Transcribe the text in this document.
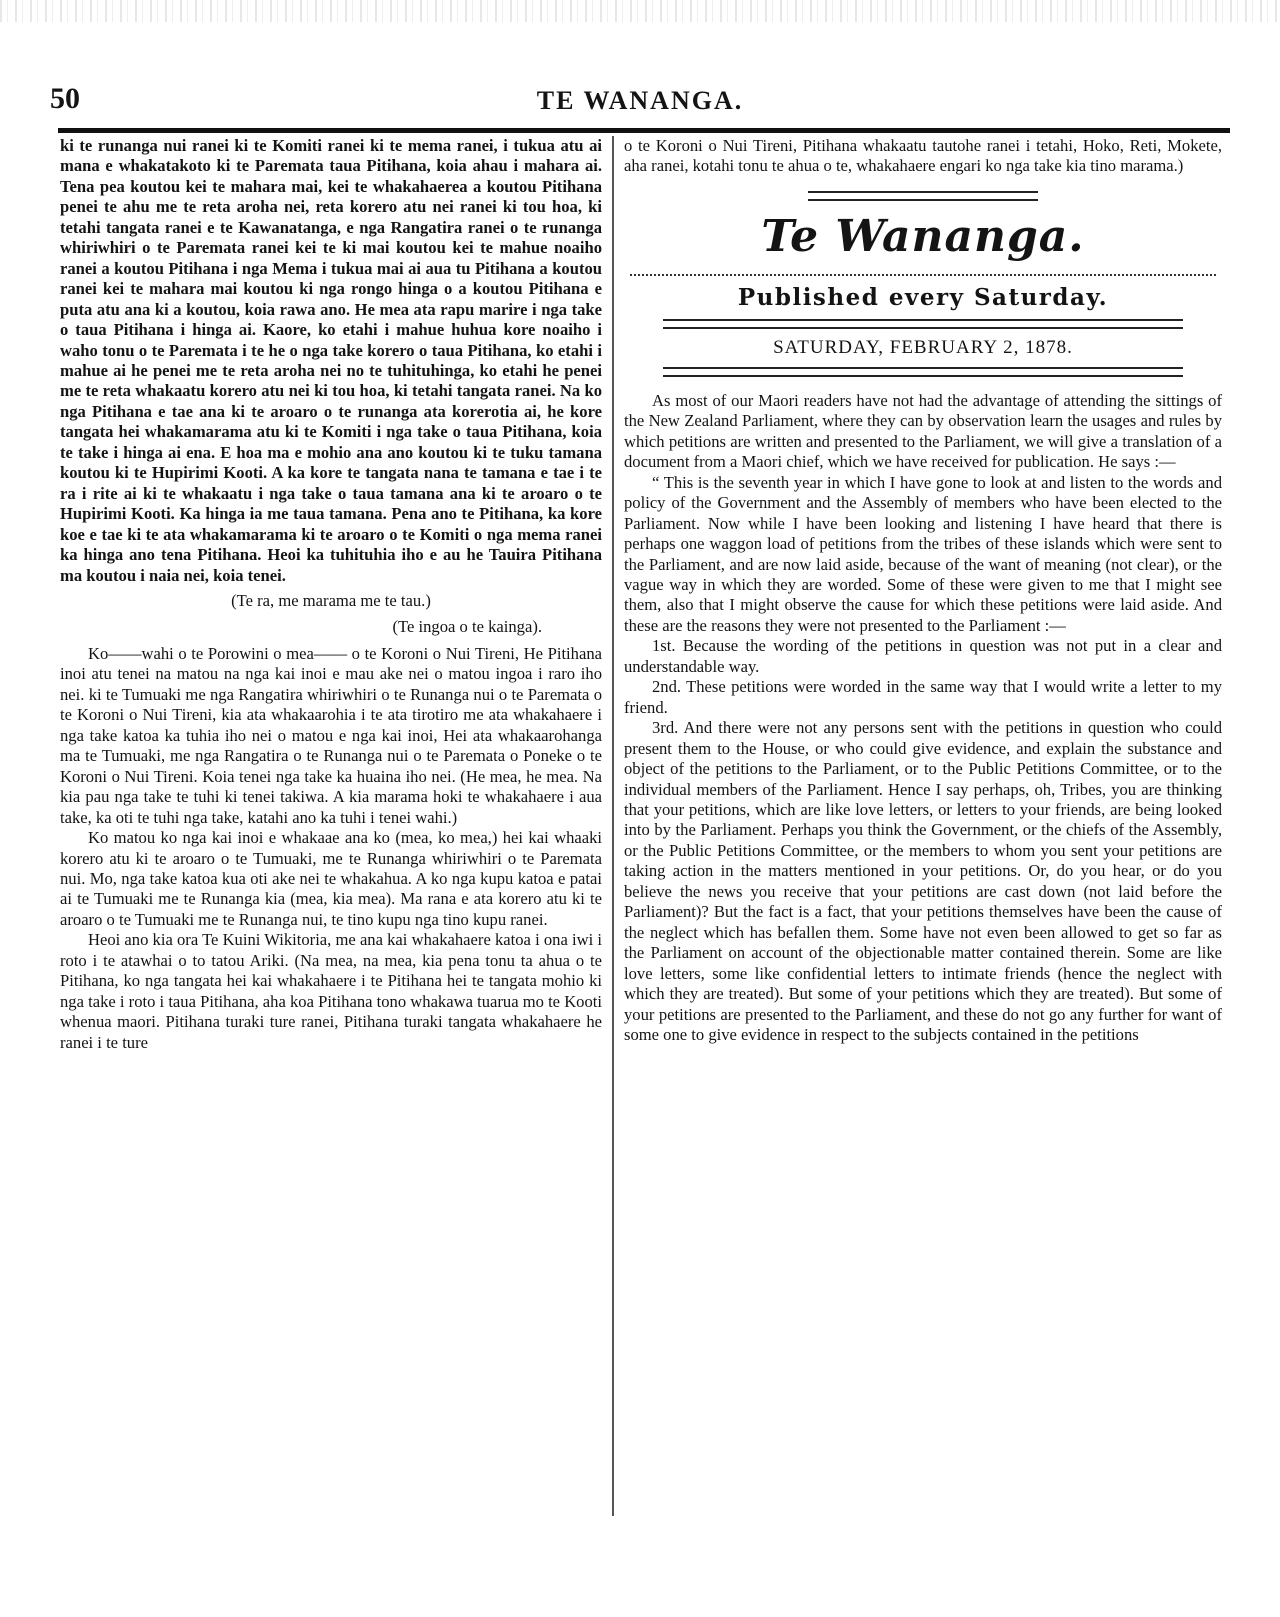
50	TE WANANGA.

ki te runanga nui ranei ki te Komiti ranei ki te mema ranei, i tukua atu ai mana e whakatakoto ki te Paremata taua Pitihana, koia ahau i mahara ai. Tena pea koutou kei te mahara mai, kei te whakahaerea a koutou Pitihana penei te ahu me te reta aroha nei, reta korero atu nei ranei ki tou hoa, ki tetahi tangata ranei e te Kawanatanga, e nga Rangatira ranei o te runanga whiriwhiri o te Paremata ranei kei te ki mai koutou kei te mahue noaiho ranei a koutou Pitihana i nga Mema i tukua mai ai aua tu Pitihana a koutou ranei kei te mahara mai koutou ki nga rongo hinga o a koutou Pitihana e puta atu ana ki a koutou, koia rawa ano. He mea ata rapu marire i nga take o taua Pitihana i hinga ai. Kaore, ko etahi i mahue huhua kore noaiho i waho tonu o te Paremata i te he o nga take korero o taua Pitihana, ko etahi i mahue ai he penei me te reta aroha nei no te tuhituhinga, ko etahi he penei me te reta whakaatu korero atu nei ki tou hoa, ki tetahi tangata ranei. Na ko nga Pitihana e tae ana ki te aroaro o te runanga ata korerotia ai, he kore tangata hei whakamarama atu ki te Komiti i nga take o taua Pitihana, koia te take i hinga ai ena. E hoa ma e mohio ana ano koutou ki te tuku tamana koutou ki te Hupirimi Kooti. A ka kore te tangata nana te tamana e tae i te ra i rite ai ki te whakaatu i nga take o taua tamana ana ki te aroaro o te Hupirimi Kooti. Ka hinga ia me taua tamana. Pena ano te Pitihana, ka kore koe e tae ki te ata whakamarama ki te aroaro o te Komiti o nga mema ranei ka hinga ano tena Pitihana. Heoi ka tuhituhia iho e au he Tauira Pitihana ma koutou i naia nei, koia tenei.

(Te ra, me marama me te tau.)
(Te ingoa o te kainga).

Ko——wahi o te Porowini o mea—— o te Koroni o Nui Tireni, He Pitihana inoi atu tenei na matou na nga kai inoi e mau ake nei o matou ingoa i raro iho nei. ki te Tumuaki me nga Rangatira whiriwhiri o te Runanga nui o te Paremata o te Koroni o Nui Tireni, kia ata whakaarohia i te ata tirotiro me ata whakahaere i nga take katoa ka tuhia iho nei o matou e nga kai inoi, Hei ata whakaarohanga ma te Tumuaki, me nga Rangatira o te Runanga nui o te Paremata o Poneke o te Koroni o Nui Tireni. Koia tenei nga take ka huaina iho nei. (He mea, he mea. Na kia pau nga take te tuhi ki tenei takiwa. A kia marama hoki te whakahaere i aua take, ka oti te tuhi nga take, katahi ano ka tuhi i tenei wahi.)

Ko matou ko nga kai inoi e whakaae ana ko (mea, ko mea,) hei kai whaaki korero atu ki te aroaro o te Tumuaki, me te Runanga whiriwhiri o te Paremata nui. Mo, nga take katoa kua oti ake nei te whakahua. A ko nga kupu katoa e patai ai te Tumuaki me te Runanga kia (mea, kia mea). Ma rana e ata korero atu ki te aroaro o te Tumuaki me te Runanga nui, te tino kupu nga tino kupu ranei.

Heoi ano kia ora Te Kuini Wikitoria, me ana kai whakahaere katoa i ona iwi i roto i te atawhai o to tatou Ariki. (Na mea, na mea, kia pena tonu ta ahua o te Pitihana, ko nga tangata hei kai whakahaere i te Pitihana hei te tangata mohio ki nga take i roto i taua Pitihana, aha koa Pitihana tono whakawa tuarua mo te Kooti whenua maori. Pitihana turaki ture ranei, Pitihana turaki tangata whakahaere he ranei i te ture

o te Koroni o Nui Tireni, Pitihana whakaatu tautohe ranei i tetahi, Hoko, Reti, Mokete, aha ranei, kotahi tonu te ahua o te, whakahaere engari ko nga take kia tino marama.)

Te Wananga.
Published every Saturday.
SATURDAY, FEBRUARY 2, 1878.

As most of our Maori readers have not had the advantage of attending the sittings of the New Zealand Parliament, where they can by observation learn the usages and rules by which petitions are written and presented to the Parliament, we will give a translation of a document from a Maori chief, which we have received for publication. He says :—

“ This is the seventh year in which I have gone to look at and listen to the words and policy of the Government and the Assembly of members who have been elected to the Parliament. Now while I have been looking and listening I have heard that there is perhaps one waggon load of petitions from the tribes of these islands which were sent to the Parliament, and are now laid aside, because of the want of meaning (not clear), or the vague way in which they are worded. Some of these were given to me that I might see them, also that I might observe the cause for which these petitions were laid aside. And these are the reasons they were not presented to the Parliament :—

1st. Because the wording of the petitions in question was not put in a clear and understandable way.

2nd. These petitions were worded in the same way that I would write a letter to my friend.

3rd. And there were not any persons sent with the petitions in question who could present them to the House, or who could give evidence, and explain the substance and object of the petitions to the Parliament, or to the Public Petitions Committee, or to the individual members of the Parliament. Hence I say perhaps, oh, Tribes, you are thinking that your petitions, which are like love letters, or letters to your friends, are being looked into by the Parliament. Perhaps you think the Government, or the chiefs of the Assembly, or the Public Petitions Committee, or the members to whom you sent your petitions are taking action in the matters mentioned in your petitions. Or, do you hear, or do you believe the news you receive that your petitions are cast down (not laid before the Parliament)? But the fact is a fact, that your petitions themselves have been the cause of the neglect which has befallen them. Some have not even been allowed to get so far as the Parliament on account of the objectionable matter contained therein. Some are like love letters, some like confidential letters to intimate friends (hence the neglect with which they are treated). But some of your petitions which they are treated). But some of your petitions are presented to the Parliament, and these do not go any further for want of some one to give evidence in respect to the subjects contained in the petitions
